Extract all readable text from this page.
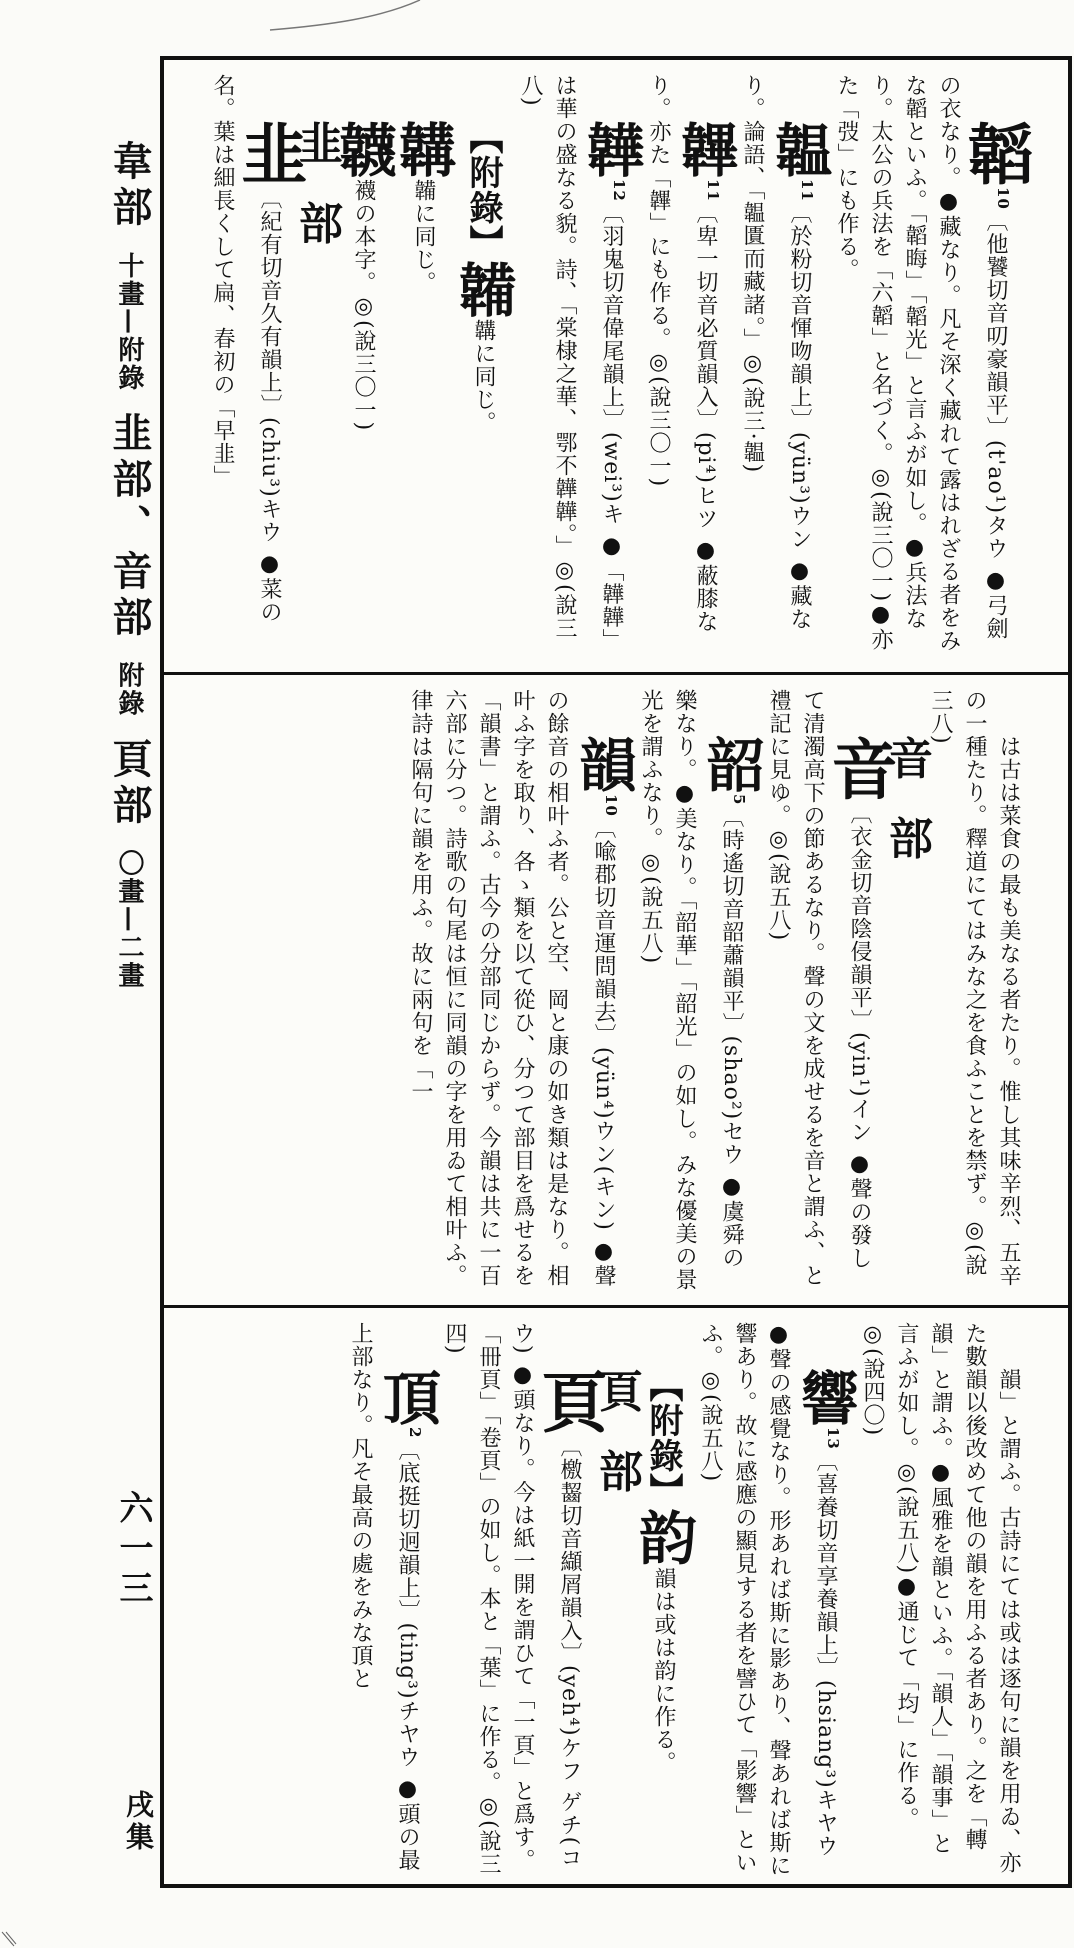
韋部 十畫—附錄 韭部、音部 附錄 頁部 〇畫—二畫
六一三
戌集

韜$^{10}$〔他饕切音叨豪韻平〕(t'ao¹)タウ ●弓劍の衣なり。●藏なり。凡そ深く藏れて露はれざる者をみな韜といふ。「韜晦」「韜光」と言ふが如し。●兵法なり。太公の兵法を「六韜」と名づく。◎(說三〇一)●亦た「弢」にも作る。
韞$^{11}$〔於粉切音惲吻韻上〕(yün³)ウン ●藏なり。論語、「韞匱而藏諸。」◎(說三·韞)
韠$^{11}$〔卑一切音必質韻入〕(pi⁴)ヒツ ●蔽膝なり。亦た「韠」にも作る。◎(說三〇一)
韡$^{12}$〔羽鬼切音偉尾韻上〕(wei³)キ ●「韡韡」は華の盛なる貌。詩、「棠棣之華、鄂不韡韡。」◎(說三八)
【附錄】韛韝に同じ。
韝韛に同じ。
韤襪の本字。◎(說三〇一)
韭部
韭〔紀有切音久有韻上〕(chiu³)キウ ●菜の名。葉は細長くして扁、春初の「早韭」

は古は菜食の最も美なる者たり。惟し其味辛烈、五辛の一種たり。釋道にてはみな之を食ふことを禁ず。◎(說三八)
音部
音〔衣金切音陰侵韻平〕(yin¹)イン ●聲の發して清濁高下の節あるなり。聲の文を成せるを音と謂ふ、と禮記に見ゆ。◎(說五八)
韶$^5$〔時遙切音韶蕭韻平〕(shao²)セウ ●虞舜の樂なり。●美なり。「韶華」「韶光」の如し。みな優美の景光を謂ふなり。◎(說五八)
韻$^{10}$〔喩郡切音運問韻去〕(yün⁴)ウン(キン) ●聲の餘音の相叶ふ者。公と空、岡と康の如き類は是なり。相叶ふ字を取り、各ゝ類を以て從ひ、分つて部目を爲せるを「韻書」と謂ふ。古今の分部同じからず。今韻は共に一百六部に分つ。詩歌の句尾は恒に同韻の字を用ゐて相叶ふ。律詩は隔句に韻を用ふ。故に兩句を「一

韻」と謂ふ。古詩にては或は逐句に韻を用ゐ、亦た數韻以後改めて他の韻を用ふる者あり。之を「轉韻」と謂ふ。●風雅を韻といふ。「韻人」「韻事」と言ふが如し。◎(說五八)●通じて「均」に作る。◎(說四〇)
響$^{13}$〔喜養切音享養韻上〕(hsiang³)キヤウ ●聲の感覺なり。形あれば斯に影あり、聲あれば斯に響あり。故に感應の顯見する者を譬ひて「影響」といふ。◎(說五八)
【附錄】韵韻は或は韵に作る。
頁部
頁〔檄齧切音纈屑韻入〕(yeh⁴)ケフ ゲチ(コウ) ●頭なり。今は紙一開を謂ひて「一頁」と爲す。「冊頁」「卷頁」の如し。本と「葉」に作る。◎(說三四)
頂$^2$〔底挺切迥韻上〕(ting³)チヤウ ●頭の最上部なり。凡そ最高の處をみな頂と
